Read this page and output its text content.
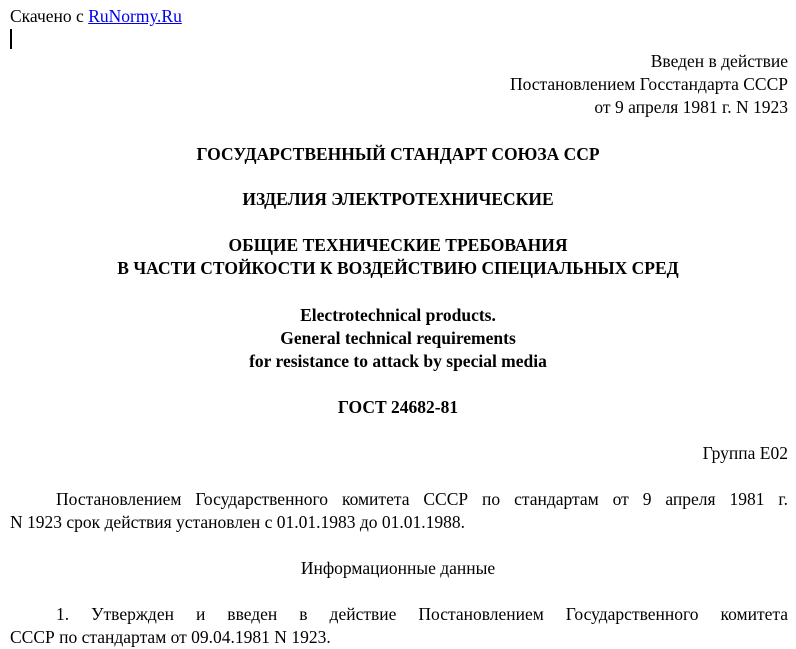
Скачено с RuNormy.Ru
Введен в действие
Постановлением Госстандарта СССР
от 9 апреля 1981 г. N 1923
ГОСУДАРСТВЕННЫЙ СТАНДАРТ СОЮЗА ССР
ИЗДЕЛИЯ ЭЛЕКТРОТЕХНИЧЕСКИЕ
ОБЩИЕ ТЕХНИЧЕСКИЕ ТРЕБОВАНИЯ
В ЧАСТИ СТОЙКОСТИ К ВОЗДЕЙСТВИЮ СПЕЦИАЛЬНЫХ СРЕД
Electrotechnical products.
General technical requirements
for resistance to attack by special media
ГОСТ 24682-81
Группа Е02
Постановлением Государственного комитета СССР по стандартам от 9 апреля 1981 г.
N 1923 срок действия установлен с 01.01.1983 до 01.01.1988.
Информационные данные
1. Утвержден и введен в действие Постановлением Государственного комитета
СССР по стандартам от 09.04.1981 N 1923.
